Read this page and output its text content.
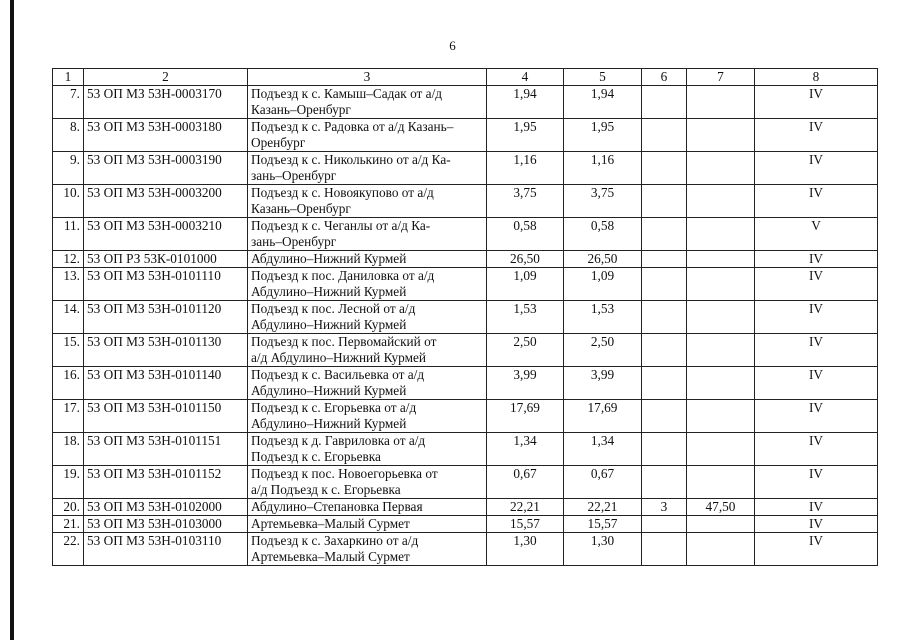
6
1	2	3	4	5	6	7	8
7.	53 ОП МЗ 53Н-0003170	Подъезд к с. Камыш–Садак от а/д
Казань–Оренбург	1,94	1,94			IV
8.	53 ОП МЗ 53Н-0003180	Подъезд к с. Радовка от а/д Казань–
Оренбург	1,95	1,95			IV
9.	53 ОП МЗ 53Н-0003190	Подъезд к с. Николькино от а/д Ка-
зань–Оренбург	1,16	1,16			IV
10.	53 ОП МЗ 53Н-0003200	Подъезд к с. Новоякупово от а/д
Казань–Оренбург	3,75	3,75			IV
11.	53 ОП МЗ 53Н-0003210	Подъезд к с. Чеганлы от а/д Ка-
зань–Оренбург	0,58	0,58			V
12.	53 ОП РЗ 53К-0101000	Абдулино–Нижний Курмей	26,50	26,50			IV
13.	53 ОП МЗ 53Н-0101110	Подъезд к пос. Даниловка от а/д
Абдулино–Нижний Курмей	1,09	1,09			IV
14.	53 ОП МЗ 53Н-0101120	Подъезд к пос. Лесной от а/д
Абдулино–Нижний Курмей	1,53	1,53			IV
15.	53 ОП МЗ 53Н-0101130	Подъезд к пос. Первомайский от
а/д Абдулино–Нижний Курмей	2,50	2,50			IV
16.	53 ОП МЗ 53Н-0101140	Подъезд к с. Васильевка от а/д
Абдулино–Нижний Курмей	3,99	3,99			IV
17.	53 ОП МЗ 53Н-0101150	Подъезд к с. Егорьевка от а/д
Абдулино–Нижний Курмей	17,69	17,69			IV
18.	53 ОП МЗ 53Н-0101151	Подъезд к д. Гавриловка от а/д
Подъезд к с. Егорьевка	1,34	1,34			IV
19.	53 ОП МЗ 53Н-0101152	Подъезд к пос. Новоегорьевка от
а/д Подъезд к с. Егорьевка	0,67	0,67			IV
20.	53 ОП МЗ 53Н-0102000	Абдулино–Степановка Первая	22,21	22,21	3	47,50	IV
21.	53 ОП МЗ 53Н-0103000	Артемьевка–Малый Сурмет	15,57	15,57			IV
22.	53 ОП МЗ 53Н-0103110	Подъезд к с. Захаркино от а/д
Артемьевка–Малый Сурмет	1,30	1,30			IV
